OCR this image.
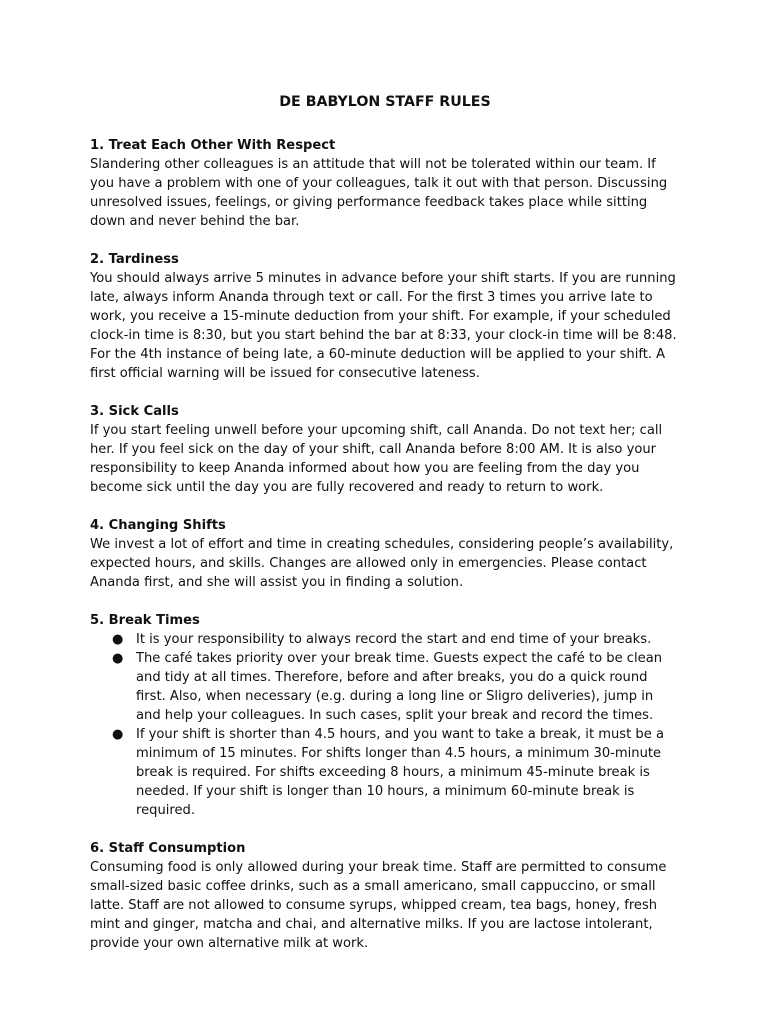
DE BABYLON STAFF RULES
1. Treat Each Other With Respect

Slandering other colleagues is an attitude that will not be tolerated within our team. If you have a problem with one of your colleagues, talk it out with that person. Discussing unresolved issues, feelings, or giving performance feedback takes place while sitting down and never behind the bar.

2. Tardiness

You should always arrive 5 minutes in advance before your shift starts. If you are running late, always inform Ananda through text or call. For the first 3 times you arrive late to work, you receive a 15-minute deduction from your shift. For example, if your scheduled clock-in time is 8:30, but you start behind the bar at 8:33, your clock-in time will be 8:48. For the 4th instance of being late, a 60-minute deduction will be applied to your shift. A first official warning will be issued for consecutive lateness.

3. Sick Calls

If you start feeling unwell before your upcoming shift, call Ananda. Do not text her; call her. If you feel sick on the day of your shift, call Ananda before 8:00 AM. It is also your responsibility to keep Ananda informed about how you are feeling from the day you become sick until the day you are fully recovered and ready to return to work.

4. Changing Shifts

We invest a lot of effort and time in creating schedules, considering people’s availability, expected hours, and skills. Changes are allowed only in emergencies. Please contact Ananda first, and she will assist you in finding a solution.

5. Break Times
● It is your responsibility to always record the start and end time of your breaks.
● The café takes priority over your break time. Guests expect the café to be clean and tidy at all times. Therefore, before and after breaks, you do a quick round first. Also, when necessary (e.g. during a long line or Sligro deliveries), jump in and help your colleagues. In such cases, split your break and record the times.
● If your shift is shorter than 4.5 hours, and you want to take a break, it must be a minimum of 15 minutes. For shifts longer than 4.5 hours, a minimum 30-minute break is required. For shifts exceeding 8 hours, a minimum 45-minute break is needed. If your shift is longer than 10 hours, a minimum 60-minute break is required.
6. Staff Consumption

Consuming food is only allowed during your break time. Staff are permitted to consume small-sized basic coffee drinks, such as a small americano, small cappuccino, or small latte. Staff are not allowed to consume syrups, whipped cream, tea bags, honey, fresh mint and ginger, matcha and chai, and alternative milks. If you are lactose intolerant, provide your own alternative milk at work.
